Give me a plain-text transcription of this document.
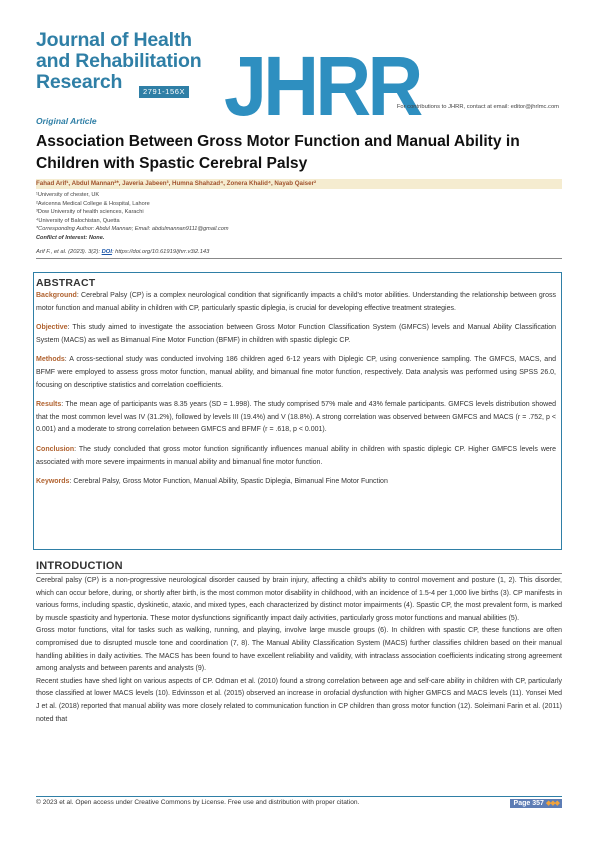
Journal of Health
and Rehabilitation
Research	2791-156X JHRR
For contributions to JHRR, contact at email: editor@jhrlmc.com
Original Article
Association Between Gross Motor Function and Manual Ability in Children with Spastic Cerebral Palsy
Fahad Arif¹, Abdul Mannan²*, Javeria Jabeen³, Humna Shahzad⁴, Zonera Khalid⁴, Nayab Qaiser²
¹University of chester, UK
²Avicenna Medical College & Hospital, Lahore
³Dow University of health sciences, Karachi
⁴University of Balochistan, Quetta
*Corresponding Author: Abdul Mannan; Email: abdulmannan9111@gmail.com
Conflict of Interest: None.
Arif F., et al. (2023). 3(2): DOI: https://doi.org/10.61919/jhrr.v3i2.143
ABSTRACT
Background: Cerebral Palsy (CP) is a complex neurological condition that significantly impacts a child's motor abilities. Understanding the relationship between gross motor function and manual ability in children with CP, particularly spastic diplegia, is crucial for developing effective treatment strategies.
Objective: This study aimed to investigate the association between Gross Motor Function Classification System (GMFCS) levels and Manual Ability Classification System (MACS) as well as Bimanual Fine Motor Function (BFMF) in children with spastic diplegic CP.
Methods: A cross-sectional study was conducted involving 186 children aged 6-12 years with Diplegic CP, using convenience sampling. The GMFCS, MACS, and BFMF were employed to assess gross motor function, manual ability, and bimanual fine motor function, respectively. Data analysis was performed using SPSS 26.0, focusing on descriptive statistics and correlation coefficients.
Results: The mean age of participants was 8.35 years (SD = 1.998). The study comprised 57% male and 43% female participants. GMFCS levels distribution showed that the most common level was IV (31.2%), followed by levels III (19.4%) and V (18.8%). A strong correlation was observed between GMFCS and MACS (r = .752, p < 0.001) and a moderate to strong correlation between GMFCS and BFMF (r = .618, p < 0.001).
Conclusion: The study concluded that gross motor function significantly influences manual ability in children with spastic diplegic CP. Higher GMFCS levels were associated with more severe impairments in manual ability and bimanual fine motor function.
Keywords: Cerebral Palsy, Gross Motor Function, Manual Ability, Spastic Diplegia, Bimanual Fine Motor Function
INTRODUCTION

Cerebral palsy (CP) is a non-progressive neurological disorder caused by brain injury, affecting a child's ability to control movement and posture (1, 2). This disorder, which can occur before, during, or shortly after birth, is the most common motor disability in childhood, with an incidence of 1.5-4 per 1,000 live births (3). CP manifests in various forms, including spastic, dyskinetic, ataxic, and mixed types, each characterized by distinct motor impairments (4). Spastic CP, the most prevalent form, is marked by muscle spasticity and hypertonia. These motor dysfunctions significantly impact daily activities, particularly gross motor functions and manual abilities (5).

Gross motor functions, vital for tasks such as walking, running, and playing, involve large muscle groups (6). In children with spastic CP, these functions are often compromised due to disrupted muscle tone and coordination (7, 8). The Manual Ability Classification System (MACS) further classifies children based on their manual handling abilities in daily activities. The MACS has been found to have excellent reliability and validity, with intraclass association coefficients indicating strong agreement among analysts and between parents and analysts (9).

Recent studies have shed light on various aspects of CP. Odman et al. (2010) found a strong correlation between age and self-care ability in children with CP, particularly those classified at lower MACS levels (10). Edvinsson et al. (2015) observed an increase in orofacial dysfunction with higher GMFCS and MACS levels (11). Yonsei Med J et al. (2018) reported that manual ability was more closely related to communication function in CP children than gross motor function (12). Soleimani Farin et al. (2011) noted that

© 2023 et al. Open access under Creative Commons by License. Free use and distribution with proper citation.	Page 357 ◆◆◆
